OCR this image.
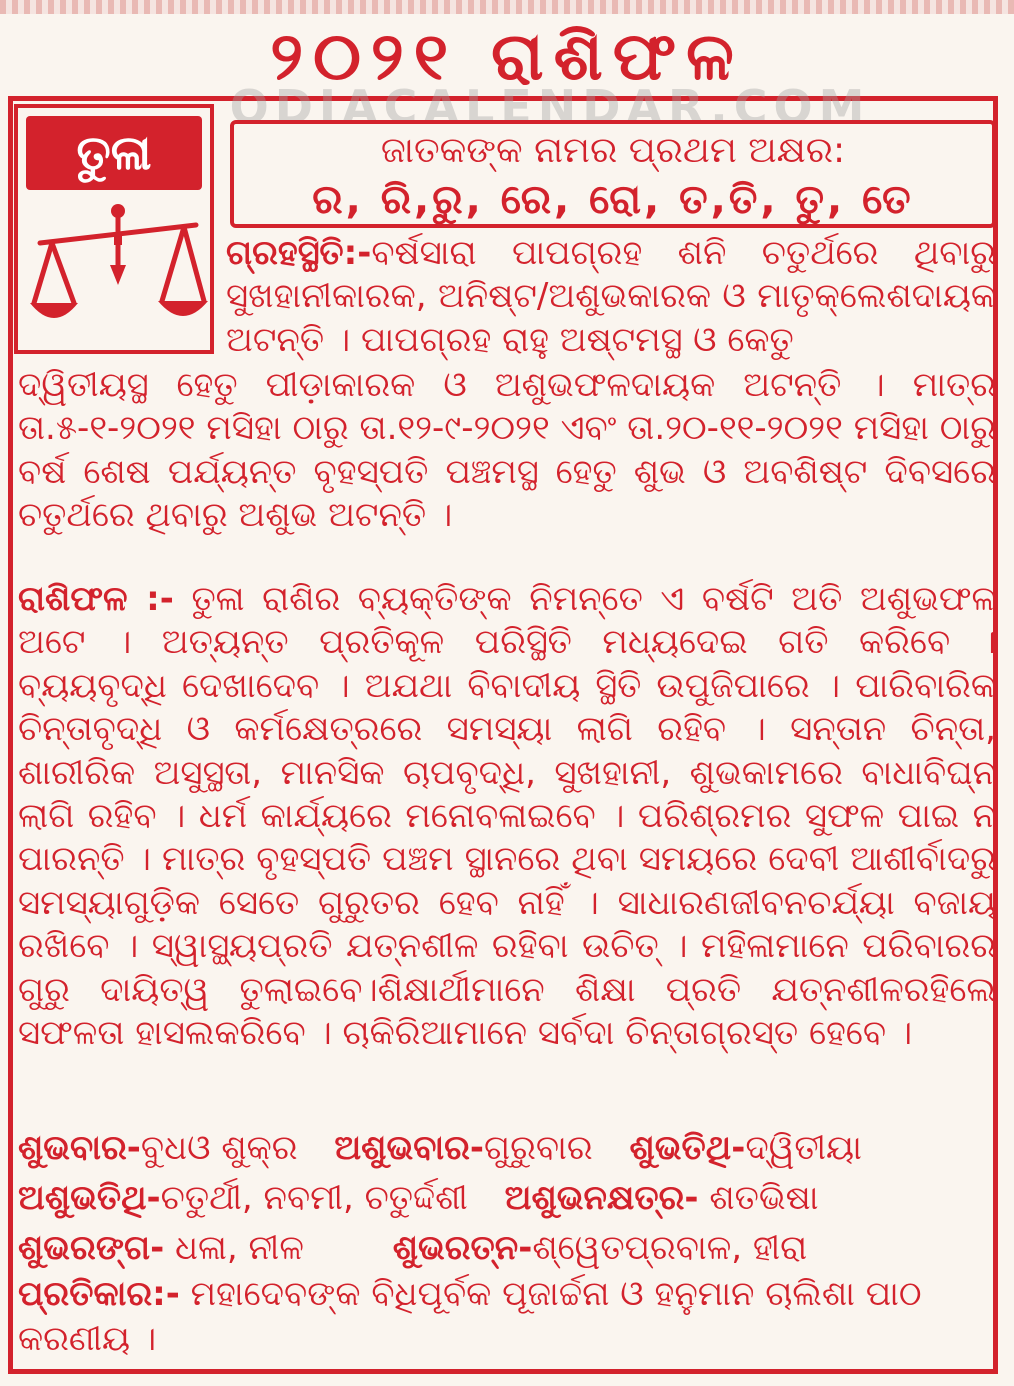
୨୦୨୧ ରାଶିଫଳ
ODIACALENDAR.COM
ତୁଳା	ଜାତକଙ୍କ ନାମର ପ୍ରଥମ ଅକ୍ଷର:
ର, ରି,ରୁ, ରେ, ରୋ, ତ,ତି, ତୁ, ତେ

ଗ୍ରହସ୍ଥିତି:-ବର୍ଷସାରା ପାପଗ୍ରହ ଶନି ଚତୁର୍ଥରେ ଥିବାରୁ ସୁଖହାନୀକାରକ, ଅନିଷ୍ଟ/ଅଶୁଭକାରକ ଓ ମାତୃକ୍ଲେଶଦାୟକ ଅଟନ୍ତି । ପାପଗ୍ରହ ରାହୁ ଅଷ୍ଟମସ୍ଥ ଓ କେତୁ

ଦ୍ୱିତୀୟସ୍ଥ ହେତୁ ପୀଡ଼ାକାରକ ଓ ଅଶୁଭଫଳଦାୟକ ଅଟନ୍ତି । ମାତ୍ର ତା.୫-୧-୨୦୨୧ ମସିହା ଠାରୁ ତା.୧୨-୯-୨୦୨୧ ଏବଂ ତା.୨୦-୧୧-୨୦୨୧ ମସିହା ଠାରୁ ବର୍ଷ ଶେଷ ପର୍ଯ୍ୟନ୍ତ ବୃହସ୍ପତି ପଞ୍ଚମସ୍ଥ ହେତୁ ଶୁଭ ଓ ଅବଶିଷ୍ଟ ଦିବସରେ ଚତୁର୍ଥରେ ଥିବାରୁ ଅଶୁଭ ଅଟନ୍ତି ।

ରାଶିଫଳ :- ତୁଳା ରାଶିର ବ୍ୟକ୍ତିଙ୍କ ନିମନ୍ତେ ଏ ବର୍ଷଟି ଅତି ଅଶୁଭଫଳ ଅଟେ । ଅତ୍ୟନ୍ତ ପ୍ରତିକୂଳ ପରିସ୍ଥିତି ମଧ୍ୟଦେଇ ଗତି କରିବେ । ବ୍ୟୟବୃଦ୍ଧି ଦେଖାଦେବ । ଅଯଥା ବିବାଦୀୟ ସ୍ଥିତି ଉପୁଜିପାରେ । ପାରିବାରିକ ଚିନ୍ତାବୃଦ୍ଧି ଓ କର୍ମକ୍ଷେତ୍ରରେ ସମସ୍ୟା ଲାଗି ରହିବ । ସନ୍ତାନ ଚିନ୍ତା, ଶାରୀରିକ ଅସୁସ୍ଥତା, ମାନସିକ ଚାପବୃଦ୍ଧି, ସୁଖହାନୀ, ଶୁଭକାମରେ ବାଧାବିଘ୍ନ ଲାଗି ରହିବ । ଧର୍ମ କାର୍ଯ୍ୟରେ ମନୋବଳାଇବେ । ପରିଶ୍ରମର ସୁଫଳ ପାଇ ନ ପାରନ୍ତି । ମାତ୍ର ବୃହସ୍ପତି ପଞ୍ଚମ ସ୍ଥାନରେ ଥିବା ସମୟରେ ଦେବୀ ଆଶୀର୍ବାଦରୁ ସମସ୍ୟାଗୁଡ଼ିକ ସେତେ ଗୁରୁତର ହେବ ନାହିଁ । ସାଧାରଣଜୀବନଚର୍ଯ୍ୟା ବଜାୟ ରଖିବେ । ସ୍ୱାସ୍ଥ୍ୟପ୍ରତି ଯତ୍ନଶୀଳ ରହିବା ଉଚିତ୍ । ମହିଳାମାନେ ପରିବାରର ଗୁରୁ ଦାୟିତ୍ୱ ତୁଲାଇବେ।ଶିକ୍ଷାର୍ଥୀମାନେ ଶିକ୍ଷା ପ୍ରତି ଯତ୍ନଶୀଳରହିଲେ ସଫଳତା ହାସଲକରିବେ । ଚାକିରିଆମାନେ ସର୍ବଦା ଚିନ୍ତାଗ୍ରସ୍ତ ହେବେ ।

ଶୁଭବାର-ବୁଧଓ ଶୁକ୍ର ଅଶୁଭବାର-ଗୁରୁବାର ଶୁଭତିଥି-ଦ୍ୱିତୀୟା
ଅଶୁଭତିଥି-ଚତୁର୍ଥୀ, ନବମୀ, ଚତୁର୍ଦ୍ଦଶୀ ଅଶୁଭନକ୍ଷତ୍ର- ଶତଭିଷା
ଶୁଭରଙ୍ଗ- ଧଳା, ନୀଳ	ଶୁଭରତ୍ନ-ଶ୍ୱେତପ୍ରବାଳ, ହୀରା
ପ୍ରତିକାର:- ମହାଦେବଙ୍କ ବିଧିପୂର୍ବକ ପୂଜାର୍ଚ୍ଚନା ଓ ହନୁମାନ ଚାଲିଶା ପାଠ କରଣୀୟ ।
